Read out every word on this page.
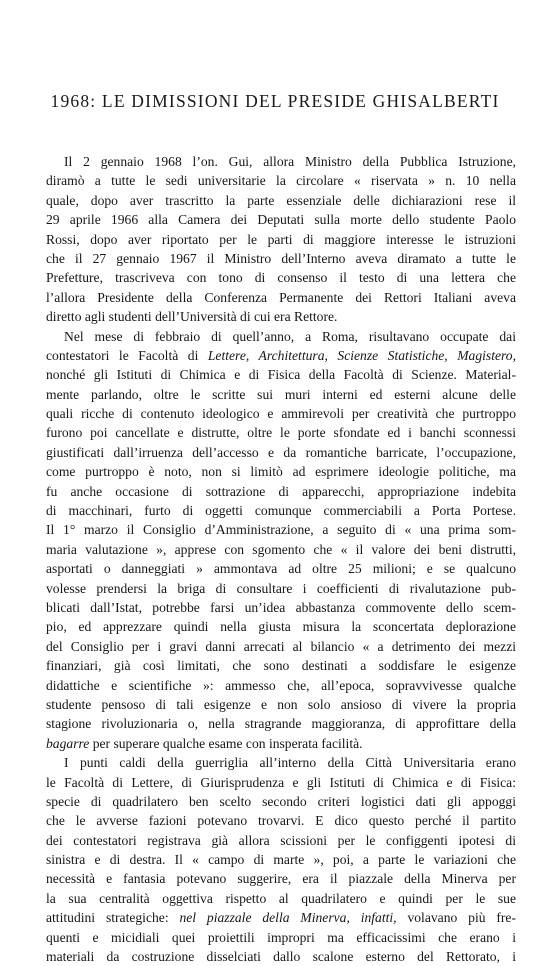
1968: LE DIMISSIONI DEL PRESIDE GHISALBERTI
Il 2 gennaio 1968 l’on. Gui, allora Ministro della Pubblica Istruzione,
diramò a tutte le sedi universitarie la circolare « riservata » n. 10 nella
quale, dopo aver trascritto la parte essenziale delle dichiarazioni rese il
29 aprile 1966 alla Camera dei Deputati sulla morte dello studente Paolo
Rossi, dopo aver riportato per le parti di maggiore interesse le istruzioni
che il 27 gennaio 1967 il Ministro dell’Interno aveva diramato a tutte le
Prefetture, trascriveva con tono di consenso il testo di una lettera che
l’allora Presidente della Conferenza Permanente dei Rettori Italiani aveva
diretto agli studenti dell’Università di cui era Rettore.
Nel mese di febbraio di quell’anno, a Roma, risultavano occupate dai
contestatori le Facoltà di Lettere, Architettura, Scienze Statistiche, Magistero,
nonché gli Istituti di Chimica e di Fisica della Facoltà di Scienze. Material-
mente parlando, oltre le scritte sui muri interni ed esterni alcune delle
quali ricche di contenuto ideologico e ammirevoli per creatività che purtroppo
furono poi cancellate e distrutte, oltre le porte sfondate ed i banchi sconnessi
giustificati dall’irruenza dell’accesso e da romantiche barricate, l’occupazione,
come purtroppo è noto, non si limitò ad esprimere ideologie politiche, ma
fu anche occasione di sottrazione di apparecchi, appropriazione indebita
di macchinari, furto di oggetti comunque commerciabili a Porta Portese.
Il 1° marzo il Consiglio d’Amministrazione, a seguito di « una prima som-
maria valutazione », apprese con sgomento che « il valore dei beni distrutti,
asportati o danneggiati » ammontava ad oltre 25 milioni; e se qualcuno
volesse prendersi la briga di consultare i coefficienti di rivalutazione pub-
blicati dall’Istat, potrebbe farsi un’idea abbastanza commovente dello scem-
pio, ed apprezzare quindi nella giusta misura la sconcertata deplorazione
del Consiglio per i gravi danni arrecati al bilancio « a detrimento dei mezzi
finanziari, già così limitati, che sono destinati a soddisfare le esigenze
didattiche e scientifiche »: ammesso che, all’epoca, sopravvivesse qualche
studente pensoso di tali esigenze e non solo ansioso di vivere la propria
stagione rivoluzionaria o, nella stragrande maggioranza, di approfittare della
bagarre per superare qualche esame con insperata facilità.
I punti caldi della guerriglia all’interno della Città Universitaria erano
le Facoltà di Lettere, di Giurisprudenza e gli Istituti di Chimica e di Fisica:
specie di quadrilatero ben scelto secondo criteri logistici dati gli appoggi
che le avverse fazioni potevano trovarvi. E dico questo perché il partito
dei contestatori registrava già allora scissioni per le configgenti ipotesi di
sinistra e di destra. Il « campo di marte », poi, a parte le variazioni che
necessità e fantasia potevano suggerire, era il piazzale della Minerva per
la sua centralità oggettiva rispetto al quadrilatero e quindi per le sue
attitudini strategiche: nel piazzale della Minerva, infatti, volavano più fre-
quenti e micidiali quei proiettili impropri ma efficacissimi che erano i
materiali da costruzione disselciati dallo scalone esterno del Rettorato, i
